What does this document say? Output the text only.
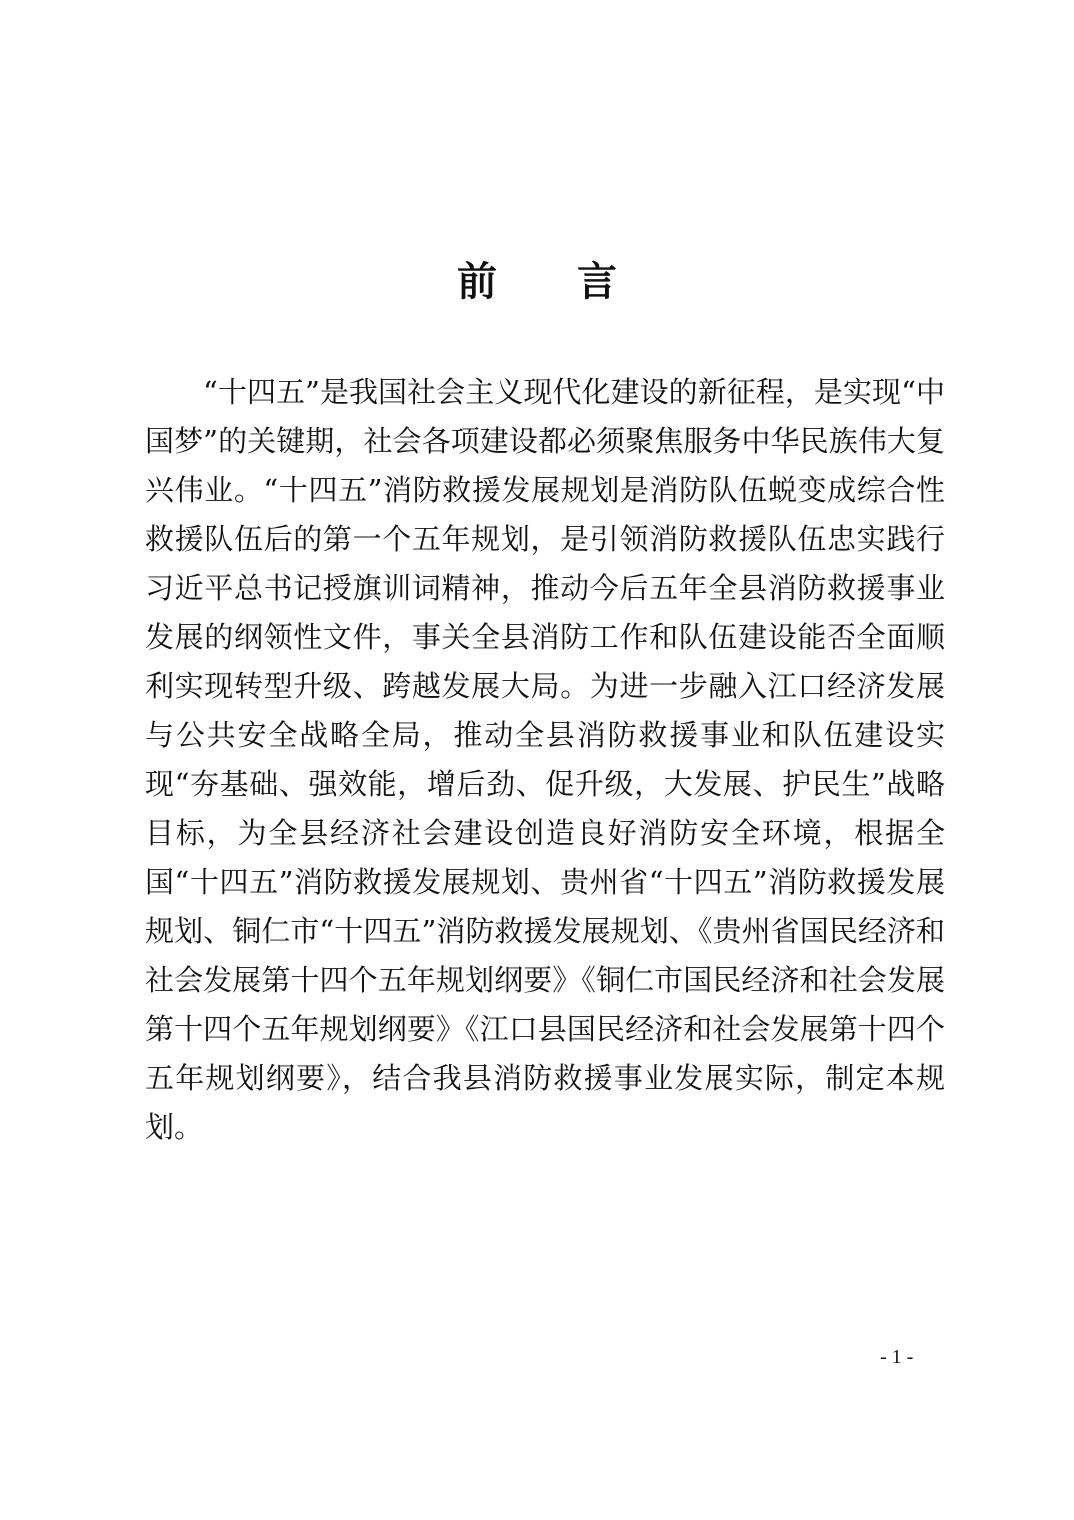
前 言

“十四五”是我国社会主义现代化建设的新征程，是实现“中国梦”的关键期，社会各项建设都必须聚焦服务中华民族伟大复兴伟业。“十四五”消防救援发展规划是消防队伍蜕变成综合性救援队伍后的第一个五年规划，是引领消防救援队伍忠实践行习近平总书记授旗训词精神，推动今后五年全县消防救援事业发展的纲领性文件，事关全县消防工作和队伍建设能否全面顺利实现转型升级、跨越发展大局。为进一步融入江口经济发展与公共安全战略全局，推动全县消防救援事业和队伍建设实现“夯基础、强效能，增后劲、促升级，大发展、护民生”战略目标，为全县经济社会建设创造良好消防安全环境，根据全国“十四五”消防救援发展规划、贵州省“十四五”消防救援发展规划、铜仁市“十四五”消防救援发展规划、《贵州省国民经济和社会发展第十四个五年规划纲要》《铜仁市国民经济和社会发展第十四个五年规划纲要》《江口县国民经济和社会发展第十四个五年规划纲要》，结合我县消防救援事业发展实际，制定本规划。

- 1 -
